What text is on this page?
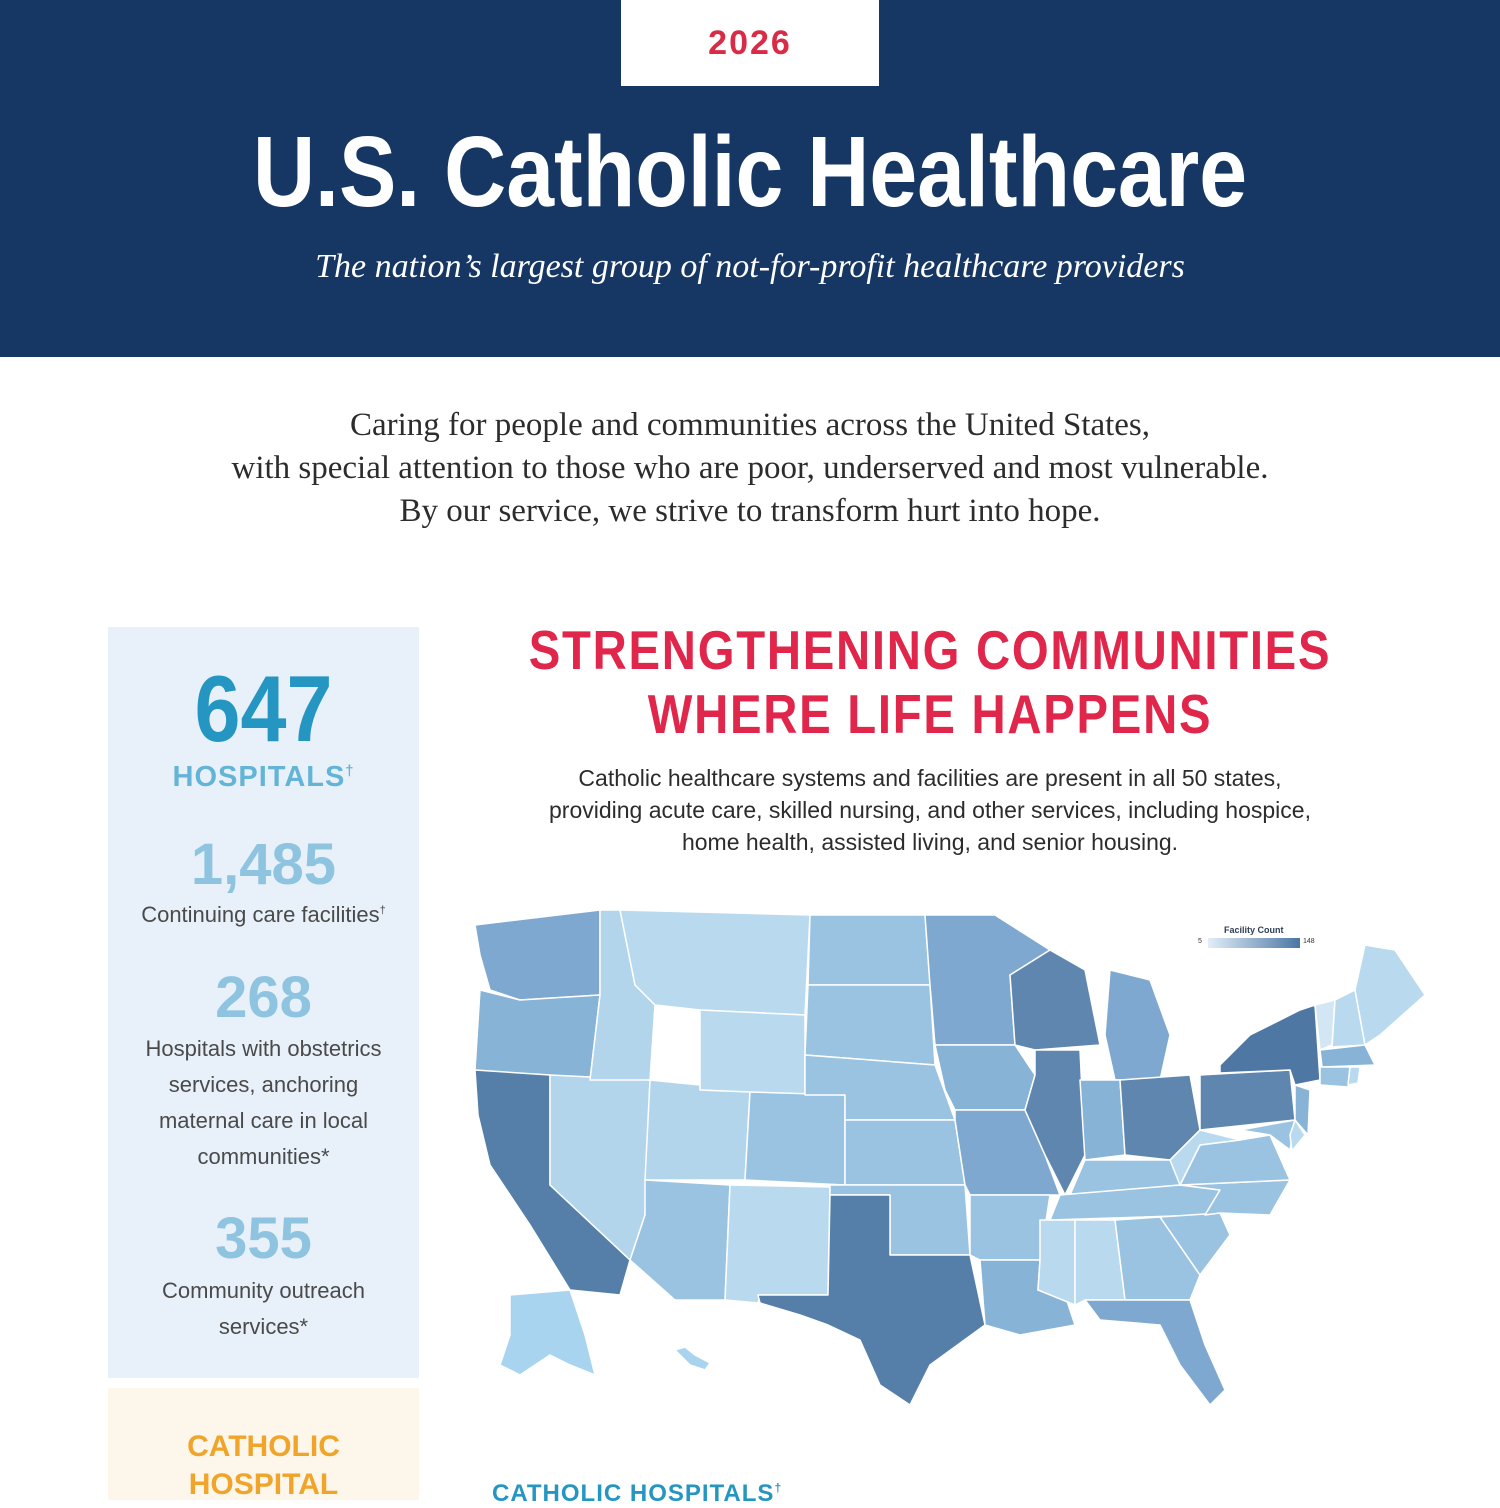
2026
U.S. Catholic Healthcare
The nation’s largest group of not-for-profit healthcare providers
Caring for people and communities across the United States,
with special attention to those who are poor, underserved and most vulnerable.
By our service, we strive to transform hurt into hope.
647
HOSPITALS†
1,485
Continuing care facilities†
268
Hospitals with obstetrics
services, anchoring
maternal care in local
communities*
355
Community outreach
services*
CATHOLIC
HOSPITAL
STRENGTHENING COMMUNITIES
WHERE LIFE HAPPENS
Catholic healthcare systems and facilities are present in all 50 states,
providing acute care, skilled nursing, and other services, including hospice,
home health, assisted living, and senior housing.
Facility Count
5	148
CATHOLIC HOSPITALS†
